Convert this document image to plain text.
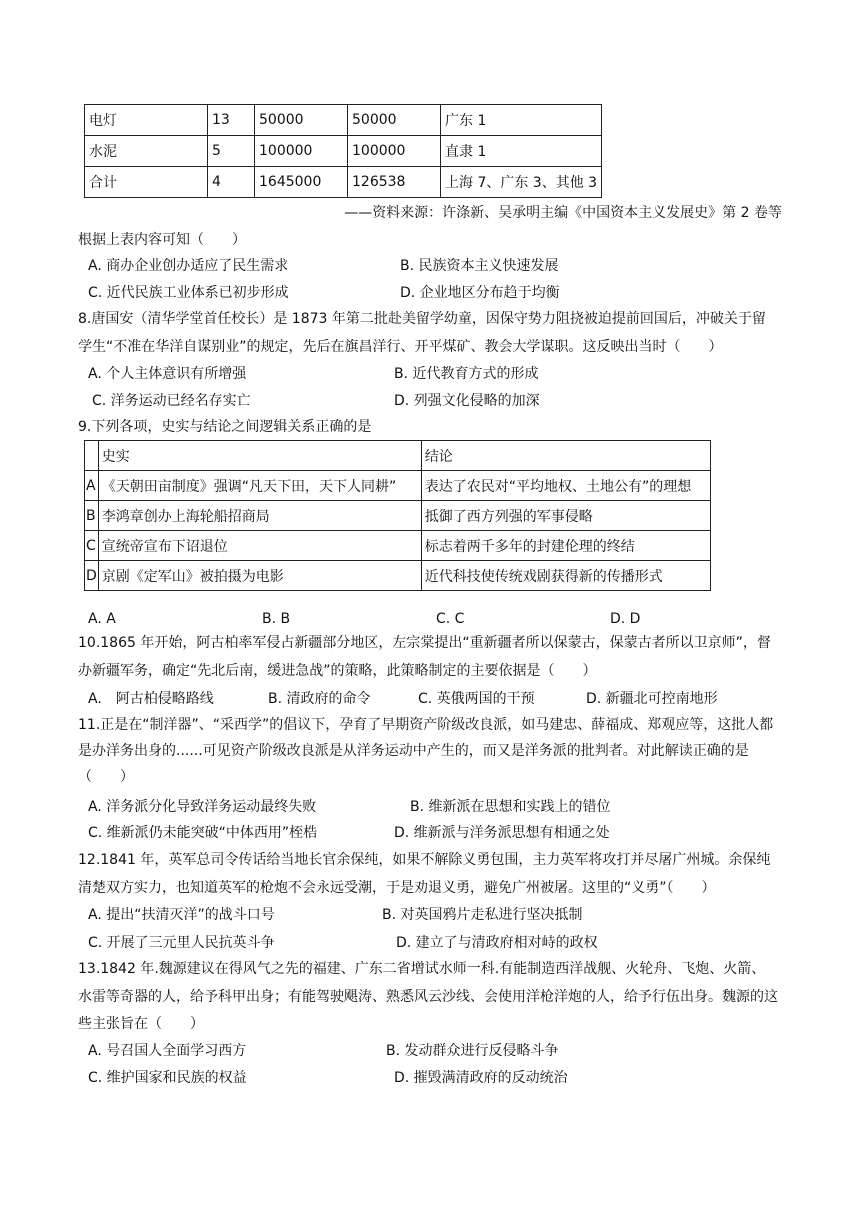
电灯	13	50000	50000	广东 1
水泥	5	100000	100000	直隶 1
合计	4	1645000	126538	上海 7、广东 3、其他 3
——资料来源：许涤新、吴承明主编《中国资本主义发展史》第 2 卷等
根据上表内容可知（　　）
A. 商办企业创办适应了民生需求	B. 民族资本主义快速发展
C. 近代民族工业体系已初步形成	D. 企业地区分布趋于均衡
8.唐国安（清华学堂首任校长）是 1873 年第二批赴美留学幼童，因保守势力阻挠被迫提前回国后，冲破关于留学生“不准在华洋自谋别业”的规定，先后在旗昌洋行、开平煤矿、教会大学谋职。这反映出当时（　　）
A. 个人主体意识有所增强	B. 近代教育方式的形成
C. 洋务运动已经名存实亡	D. 列强文化侵略的加深
9.下列各项，史实与结论之间逻辑关系正确的是
	史实	结论
A	《天朝田亩制度》强调“凡天下田，天下人同耕”	表达了农民对“平均地权、土地公有”的理想
B	李鸿章创办上海轮船招商局	抵御了西方列强的军事侵略
C	宣统帝宣布下诏退位	标志着两千多年的封建伦理的终结
D	京剧《定军山》被拍摄为电影	近代科技使传统戏剧获得新的传播形式
A. A	B. B	C. C	D. D
10.1865 年开始，阿古柏率军侵占新疆部分地区，左宗棠提出“重新疆者所以保蒙古，保蒙古者所以卫京师”，督办新疆军务，确定“先北后南，缓进急战”的策略，此策略制定的主要依据是（　　）
A.　阿古柏侵略路线	B. 清政府的命令	C. 英俄两国的干预	D. 新疆北可控南地形
11.正是在“制洋器”、“采西学”的倡议下，孕育了早期资产阶级改良派，如马建忠、薛福成、郑观应等，这批人都是办洋务出身的......可见资产阶级改良派是从洋务运动中产生的，而又是洋务派的批判者。对此解读正确的是（　　）
A. 洋务派分化导致洋务运动最终失败	B. 维新派在思想和实践上的错位
C. 维新派仍未能突破“中体西用”桎梏	D. 维新派与洋务派思想有相通之处
12.1841 年，英军总司令传话给当地长官余保纯，如果不解除义勇包围，主力英军将攻打并尽屠广州城。余保纯清楚双方实力，也知道英军的枪炮不会永远受潮，于是劝退义勇，避免广州被屠。这里的“义勇”（　　）
A. 提出“扶清灭洋”的战斗口号	B. 对英国鸦片走私进行坚决抵制
C. 开展了三元里人民抗英斗争	D. 建立了与清政府相对峙的政权
13.1842 年.魏源建议在得风气之先的福建、广东二省增试水师一科.有能制造西洋战舰、火轮舟、飞炮、火箭、水雷等奇器的人，给予科甲出身；有能驾驶飓涛、熟悉风云沙线、会使用洋枪洋炮的人，给予行伍出身。魏源的这些主张旨在（　　）
A. 号召国人全面学习西方	B. 发动群众进行反侵略斗争
C. 维护国家和民族的权益	D. 摧毁满清政府的反动统治
